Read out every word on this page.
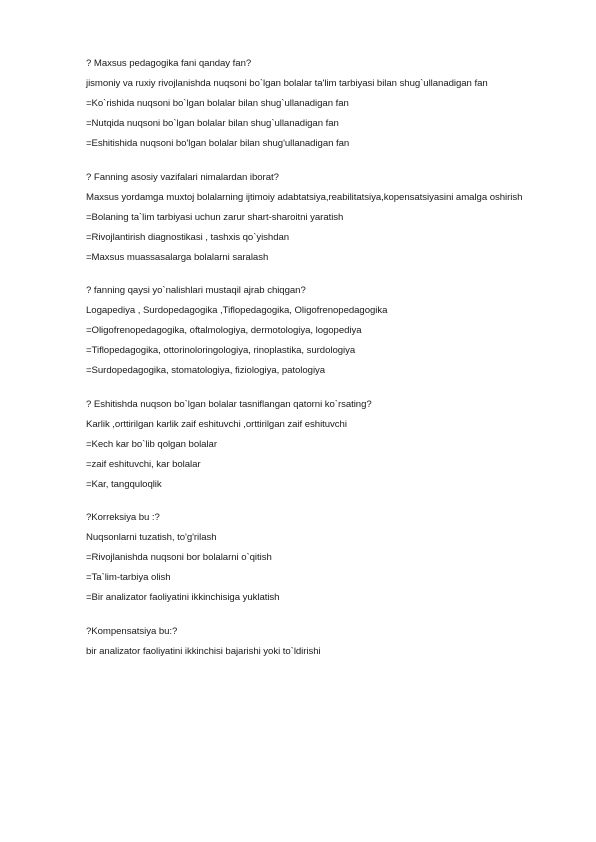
? Maxsus pedagogika fani qanday fan?
jismoniy va ruxiy rivojlanishda nuqsoni bo`lgan bolalar ta'lim tarbiyasi bilan shug`ullanadigan fan
=Ko`rishida nuqsoni bo`lgan bolalar bilan shug`ullanadigan fan
=Nutqida nuqsoni bo`lgan bolalar bilan shug`ullanadigan fan
=Eshitishida nuqsoni bo'lgan bolalar bilan shug'ullanadigan fan
? Fanning asosiy vazifalari nimalardan iborat?
Maxsus yordamga muxtoj bolalarning ijtimoiy adabtatsiya,reabilitatsiya,kopensatsiyasini amalga oshirish
=Bolaning ta`lim tarbiyasi uchun zarur shart-sharoitni yaratish
=Rivojlantirish diagnostikasi , tashxis qo`yishdan
=Maxsus muassasalarga bolalarni saralash
? fanning qaysi yo`nalishlari mustaqil ajrab chiqgan?
Logapediya , Surdopedagogika ,Tiflopedagogika, Oligofrenopedagogika
=Oligofrenopedagogika, oftalmologiya, dermotologiya, logopediya
=Tiflopedagogika, ottorinoloringologiya, rinoplastika, surdologiya
=Surdopedagogika, stomatologiya, fiziologiya, patologiya
? Eshitishda nuqson bo`lgan bolalar tasniflangan qatorni ko`rsating?
Karlik ,orttirilgan karlik zaif eshituvchi ,orttirilgan zaif eshituvchi
=Kech kar bo`lib qolgan bolalar
=zaif eshituvchi, kar bolalar
=Kar, tangquloqlik
?Korreksiya bu :?
Nuqsonlarni tuzatish, to'g'rilash
=Rivojlanishda nuqsoni bor bolalarni o`qitish
=Ta`lim-tarbiya olish
=Bir analizator faoliyatini ikkinchisiga yuklatish
?Kompensatsiya bu:?
bir analizator faoliyatini ikkinchisi bajarishi yoki to`ldirishi
